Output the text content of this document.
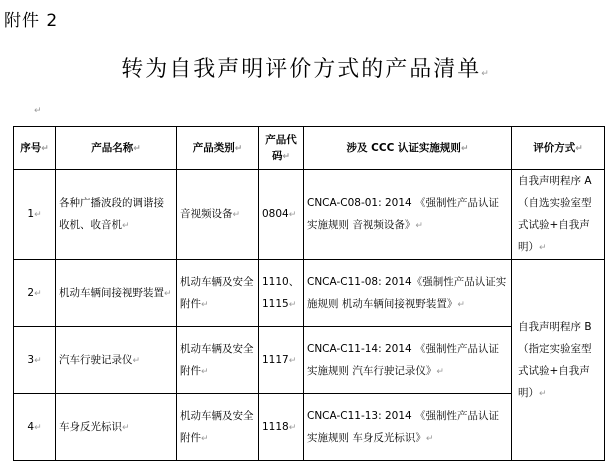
附件 2
转为自我声明评价方式的产品清单↵
↵
序号↵	产品名称↵	产品类别↵	产品代码↵	涉及 CCC 认证实施规则↵	评价方式↵
1↵	各种广播波段的调谐接收机、收音机↵	音视频设备↵	0804↵	CNCA-C08-01: 2014 《强制性产品认证实施规则 音视频设备》↵	自我声明程序 A（自选实验室型式试验+自我声明）↵
2↵	机动车辆间接视野装置↵	机动车辆及安全附件↵	1110、1115↵	CNCA-C11-08: 2014《强制性产品认证实施规则 机动车辆间接视野装置》↵	自我声明程序 B（指定实验室型式试验+自我声明）↵
3↵	汽车行驶记录仪↵	机动车辆及安全附件↵	1117↵	CNCA-C11-14: 2014 《强制性产品认证实施规则 汽车行驶记录仪》↵	
4↵	车身反光标识↵	机动车辆及安全附件↵	1118↵	CNCA-C11-13: 2014 《强制性产品认证实施规则 车身反光标识》↵	
